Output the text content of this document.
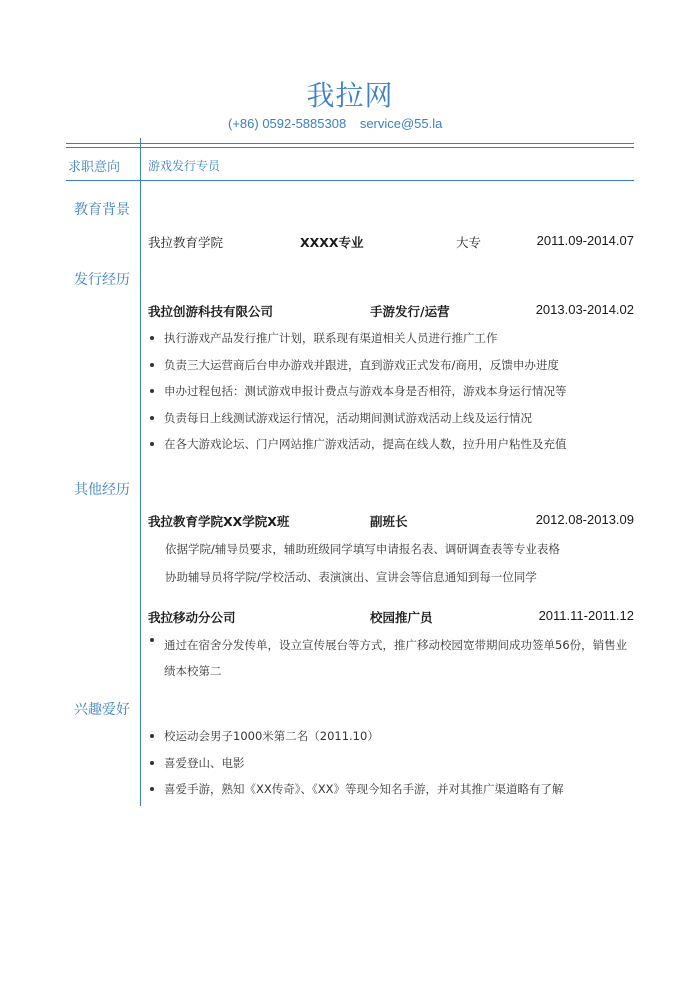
我拉网
(+86) 0592-5885308 service@55.la
求职意向 游戏发行专员
教育背景
我拉教育学院	XXXX专业	大专	2011.09-2014.07
发行经历
我拉创游科技有限公司	手游发行/运营	2013.03-2014.02
执行游戏产品发行推广计划，联系现有渠道相关人员进行推广工作
负责三大运营商后台申办游戏并跟进，直到游戏正式发布/商用，反馈申办进度
申办过程包括：测试游戏申报计费点与游戏本身是否相符，游戏本身运行情况等
负责每日上线测试游戏运行情况，活动期间测试游戏活动上线及运行情况
在各大游戏论坛、门户网站推广游戏活动，提高在线人数，拉升用户粘性及充值
其他经历
我拉教育学院XX学院X班	副班长	2012.08-2013.09
依据学院/辅导员要求，辅助班级同学填写申请报名表、调研调查表等专业表格
协助辅导员将学院/学校活动、表演演出、宣讲会等信息通知到每一位同学
我拉移动分公司	校园推广员	2011.11-2011.12
通过在宿舍分发传单，设立宣传展台等方式，推广移动校园宽带期间成功签单56份，销售业绩本校第二
兴趣爱好
校运动会男子1000米第二名（2011.10）
喜爱登山、电影
喜爱手游，熟知《XX传奇》、《XX》等现今知名手游，并对其推广渠道略有了解
